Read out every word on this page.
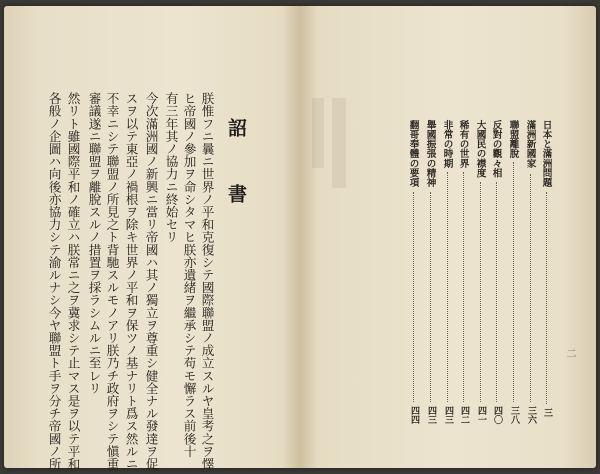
詔　書
朕惟フニ曩ニ世界ノ平和克復シテ國際聯盟ノ成立スルヤ皇考之ヲ懌
ヒ帝國ノ參加ヲ命シタマヒ朕亦遺緒ヲ繼承シテ苟モ懈ラス前後十
有三年其ノ協力ニ終始セリ
今次滿洲國ノ新興ニ當リ帝國ハ其ノ獨立ヲ尊重シ健全ナル發達ヲ促
スヲ以テ東亞ノ禍根ヲ除キ世界ノ平和ヲ保ツノ基ナリト爲ス然ルニ
不幸ニシテ聯盟ノ所見之ト背馳スルモノアリ朕乃チ政府ヲシテ愼重
審議遂ニ聯盟ヲ離脫スルノ措置ヲ採ラシムルニ至レリ
然リト雖國際平和ノ確立ハ朕常ニ之ヲ冀求シテ止マス是ヲ以テ平和
各般ノ企圖ハ向後亦協力シテ渝ルナシ今ヤ聯盟ト手ヲ分チ帝國ノ所	二
日本と滿洲問題
三
滿洲新國家
三六
聯盟離脫
三八
反對の觀々相
四〇
大國民の襟度
四一
稀有の世界
四二
非常の時期
四三
舉國振張の精神
四三
翻哥奉體の要項
四四
